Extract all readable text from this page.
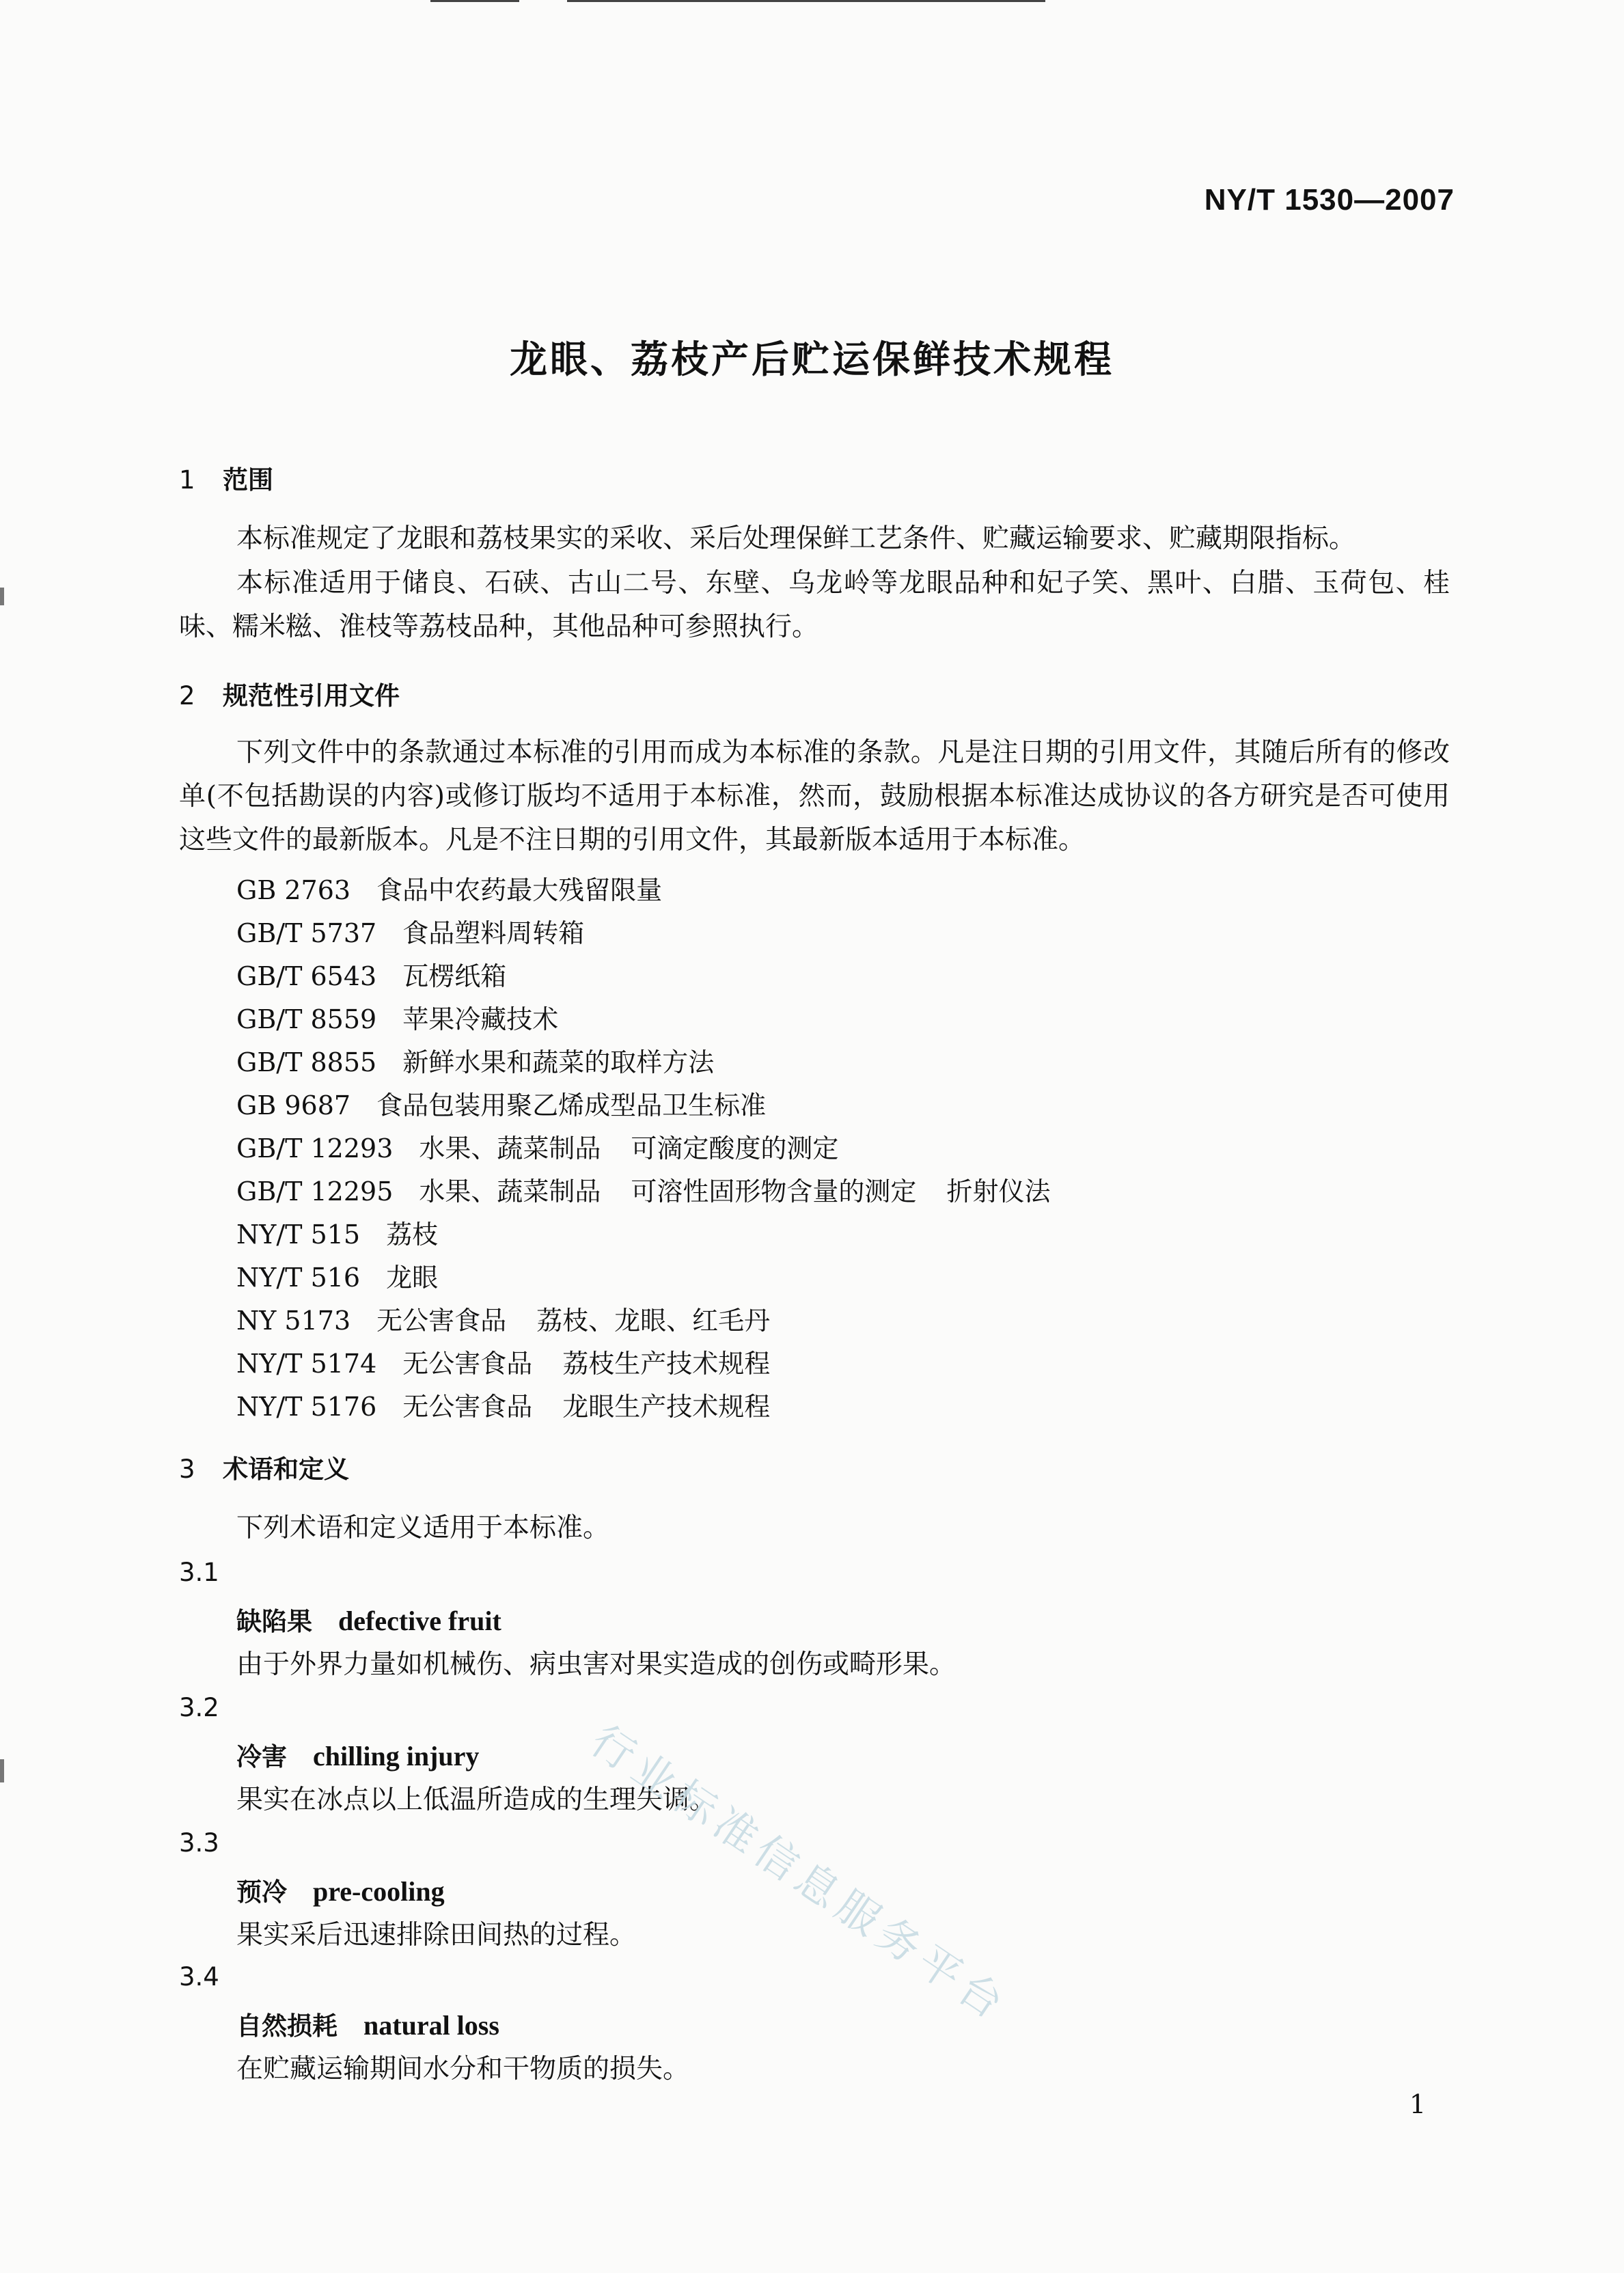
NY/T 1530—2007
龙眼、荔枝产后贮运保鲜技术规程
1 范围
本标准规定了龙眼和荔枝果实的采收、采后处理保鲜工艺条件、贮藏运输要求、贮藏期限指标。
本标准适用于储良、石硖、古山二号、东壁、乌龙岭等龙眼品种和妃子笑、黑叶、白腊、玉荷包、桂味、糯米糍、淮枝等荔枝品种，其他品种可参照执行。
2 规范性引用文件
下列文件中的条款通过本标准的引用而成为本标准的条款。凡是注日期的引用文件，其随后所有的修改单(不包括勘误的内容)或修订版均不适用于本标准，然而，鼓励根据本标准达成协议的各方研究是否可使用这些文件的最新版本。凡是不注日期的引用文件，其最新版本适用于本标准。
GB 2763 食品中农药最大残留限量
GB/T 5737 食品塑料周转箱
GB/T 6543 瓦楞纸箱
GB/T 8559 苹果冷藏技术
GB/T 8855 新鲜水果和蔬菜的取样方法
GB 9687 食品包装用聚乙烯成型品卫生标准
GB/T 12293 水果、蔬菜制品 可滴定酸度的测定
GB/T 12295 水果、蔬菜制品 可溶性固形物含量的测定 折射仪法
NY/T 515 荔枝
NY/T 516 龙眼
NY 5173 无公害食品 荔枝、龙眼、红毛丹
NY/T 5174 无公害食品 荔枝生产技术规程
NY/T 5176 无公害食品 龙眼生产技术规程
3 术语和定义
下列术语和定义适用于本标准。
3.1
缺陷果 defective fruit
由于外界力量如机械伤、病虫害对果实造成的创伤或畸形果。
3.2
冷害 chilling injury
果实在冰点以上低温所造成的生理失调。
3.3
预冷 pre-cooling
果实采后迅速排除田间热的过程。
3.4
自然损耗 natural loss
在贮藏运输期间水分和干物质的损失。
行业标准信息服务平台
1
